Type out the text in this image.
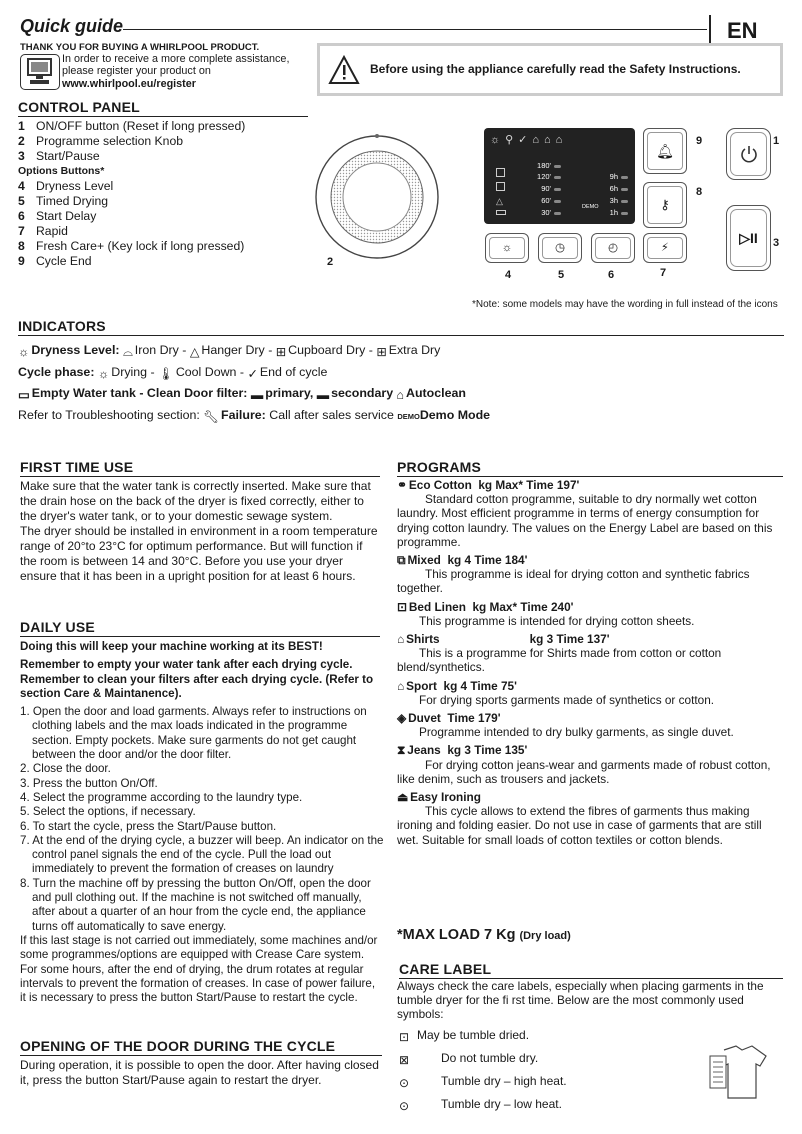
Quick guide	EN
THANK YOU FOR BUYING A WHIRLPOOL PRODUCT.
In order to receive a more complete assistance, please register your product on
www.whirlpool.eu/register
Before using the appliance carefully read the Safety Instructions.
CONTROL PANEL
1 ON/OFF button (Reset if long pressed)
2 Programme selection Knob
3 Start/Pause
Options Buttons*
4 Dryness Level
5 Timed Drying
6 Start Delay
7 Rapid
8 Fresh Care+ (Key lock if long pressed)
9 Cycle End	2
☼⚲✓⌂⌂⌂
△
180'
120'
90'
60'
30'
9h
6h
3h
1h
DEMO
🔔︎
9
⚷
8
1
▷II 3
☼	◷	◴	⚡︎
4	5	6	7
*Note: some models may have the wording in full instead of the icons
INDICATORS
☼ Dryness Level: ⌓ Iron Dry - △ Hanger Dry - ⊞ Cupboard Dry - ⊞ Extra Dry
Cycle phase: ☼ Drying - 🌡︎ Cool Down - ✓ End of cycle
▭ Empty Water tank - Clean Door filter: ▬ primary, ▬ secondary ⌂ Autoclean
Refer to Troubleshooting section: 🔧︎ Failure: Call after sales service DEMODemo Mode
FIRST TIME USE
Make sure that the water tank is correctly inserted. Make sure that the drain hose on the back of the dryer is fixed correctly, either to the dryer's water tank, or to your domestic sewage system.
The dryer should be installed in environment in a room temperature range of 20°to 23°C for optimum performance. But will function if the room is between 14 and 30°C. Before you use your dryer ensure that it has been in a upright position for at least 6 hours.
DAILY USE
Doing this will keep your machine working at its BEST!
Remember to empty your water tank after each drying cycle. Remember to clean your filters after each drying cycle. (Refer to section Care & Maintanence).
1. Open the door and load garments. Always refer to instructions on clothing labels and the max loads indicated in the programme section. Empty pockets. Make sure garments do not get caught between the door and/or the door filter.
2. Close the door.
3. Press the button On/Off.
4. Select the programme according to the laundry type.
5. Select the options, if necessary.
6. To start the cycle, press the Start/Pause button.
7. At the end of the drying cycle, a buzzer will beep. An indicator on the control panel signals the end of the cycle. Pull the load out immediately to prevent the formation of creases on laundry
8. Turn the machine off by pressing the button On/Off, open the door and pull clothing out. If the machine is not switched off manually, after about a quarter of an hour from the cycle end, the appliance turns off automatically to save energy.
If this last stage is not carried out immediately, some machines and/or some programmes/options are equipped with Crease Care system. For some hours, after the end of drying, the drum rotates at regular intervals to prevent the formation of creases. In case of power failure, it is necessary to press the button Start/Pause to restart the cycle.
OPENING OF THE DOOR DURING THE CYCLE
During operation, it is possible to open the door. After having closed it, press the button Start/Pause again to restart the dryer.
PROGRAMS
⚭ Eco Cotton
kg Max* Time 197'
Standard cotton programme, suitable to dry normally wet cotton laundry. Most efficient programme in terms of energy consumption for drying cotton laundry. The values on the Energy Label are based on this programme.
⧉ Mixed
kg 4 Time 184'
This programme is ideal for drying cotton and synthetic fabrics together.
⊡ Bed Linen
kg Max* Time 240'
This programme is intended for drying cotton sheets.
⌂ Shirts	kg 3 Time 137'
This is a programme for Shirts made from cotton or cotton blend/synthetics.
⌂ Sport
kg 4 Time 75'
For drying sports garments made of synthetics or cotton.
◈ Duvet
Time 179'
Programme intended to dry bulky garments, as single duvet.
⧗ Jeans
kg 3 Time 135'
For drying cotton jeans-wear and garments made of robust cotton, like denim, such as trousers and jackets.
⏏︎ Easy Ironing
This cycle allows to extend the fibres of garments thus making ironing and folding easier. Do not use in case of garments that are still wet. Suitable for small loads of cotton textiles or cotton blends.
*MAX LOAD 7 Kg (Dry load)
CARE LABEL
Always check the care labels, especially when placing garments in the tumble dryer for the fi rst time. Below are the most commonly used symbols:
⊡ May be tumble dried.
⊠	Do not tumble dry.
⊙	Tumble dry – high heat.
⊙	Tumble dry – low heat.
